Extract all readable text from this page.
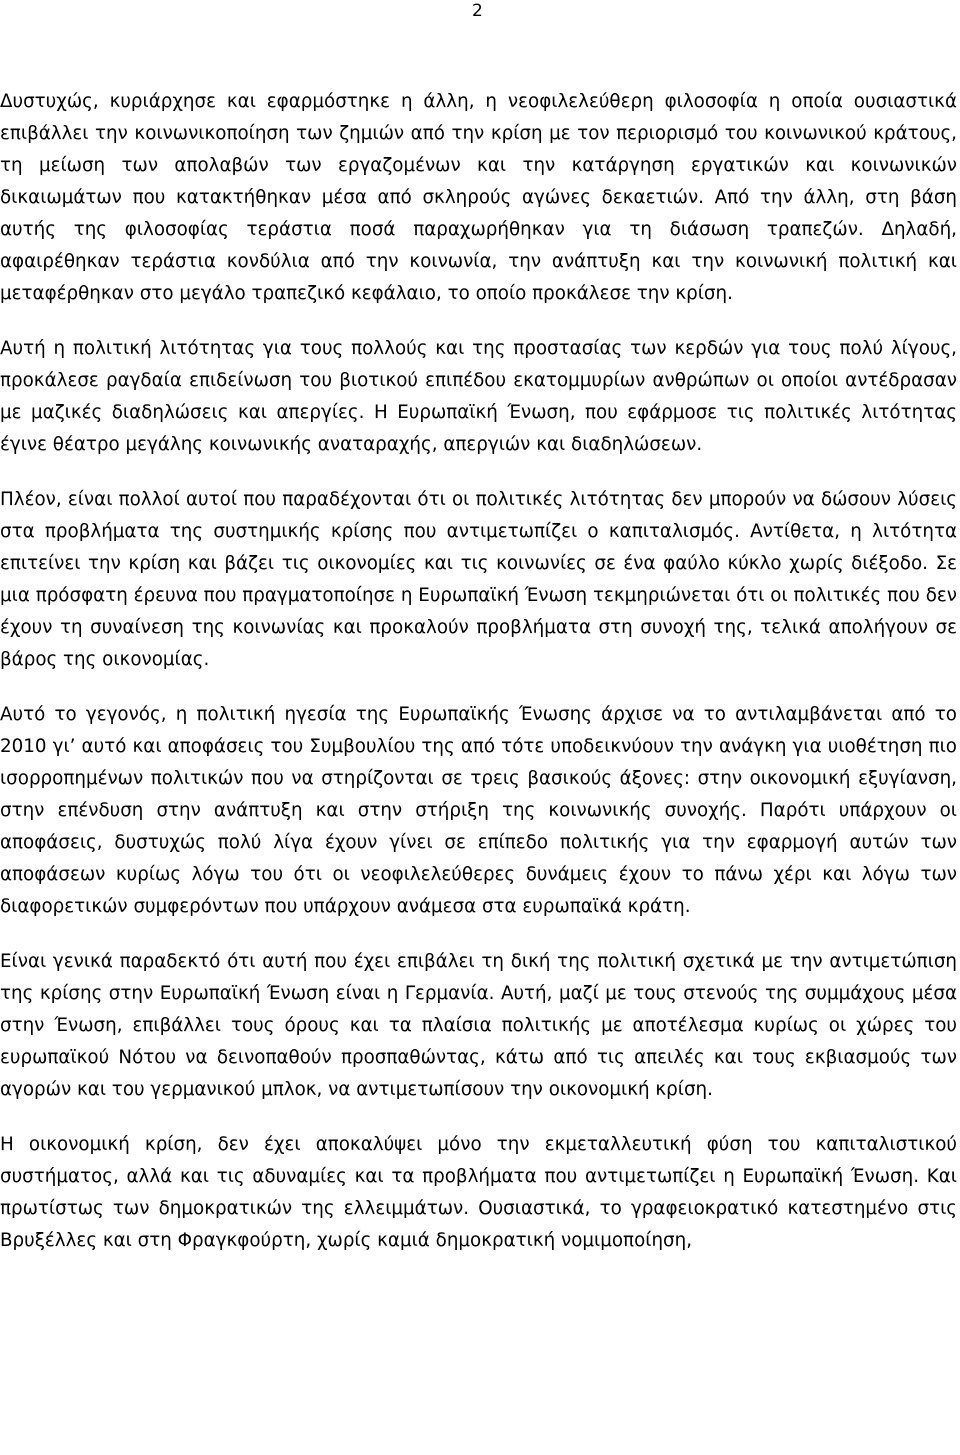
2

Δυστυχώς, κυριάρχησε και εφαρμόστηκε η άλλη, η νεοφιλελεύθερη φιλοσοφία η οποία ουσιαστικά επιβάλλει την κοινωνικοποίηση των ζημιών από την κρίση με τον περιορισμό του κοινωνικού κράτους, τη μείωση των απολαβών των εργαζομένων και την κατάργηση εργατικών και κοινωνικών δικαιωμάτων που κατακτήθηκαν μέσα από σκληρούς αγώνες δεκαετιών. Από την άλλη, στη βάση αυτής της φιλοσοφίας τεράστια ποσά παραχωρήθηκαν για τη διάσωση τραπεζών. Δηλαδή, αφαιρέθηκαν τεράστια κονδύλια από την κοινωνία, την ανάπτυξη και την κοινωνική πολιτική και μεταφέρθηκαν στο μεγάλο τραπεζικό κεφάλαιο, το οποίο προκάλεσε την κρίση.

Αυτή η πολιτική λιτότητας για τους πολλούς και της προστασίας των κερδών για τους πολύ λίγους, προκάλεσε ραγδαία επιδείνωση του βιοτικού επιπέδου εκατομμυρίων ανθρώπων οι οποίοι αντέδρασαν με μαζικές διαδηλώσεις και απεργίες. Η Ευρωπαϊκή Ένωση, που εφάρμοσε τις πολιτικές λιτότητας έγινε θέατρο μεγάλης κοινωνικής αναταραχής, απεργιών και διαδηλώσεων.

Πλέον, είναι πολλοί αυτοί που παραδέχονται ότι οι πολιτικές λιτότητας δεν μπορούν να δώσουν λύσεις στα προβλήματα της συστημικής κρίσης που αντιμετωπίζει ο καπιταλισμός. Αντίθετα, η λιτότητα επιτείνει την κρίση και βάζει τις οικονομίες και τις κοινωνίες σε ένα φαύλο κύκλο χωρίς διέξοδο. Σε μια πρόσφατη έρευνα που πραγματοποίησε η Ευρωπαϊκή Ένωση τεκμηριώνεται ότι οι πολιτικές που δεν έχουν τη συναίνεση της κοινωνίας και προκαλούν προβλήματα στη συνοχή της, τελικά απολήγουν σε βάρος της οικονομίας.

Αυτό το γεγονός, η πολιτική ηγεσία της Ευρωπαϊκής Ένωσης άρχισε να το αντιλαμβάνεται από το 2010 γι’ αυτό και αποφάσεις του Συμβουλίου της από τότε υποδεικνύουν την ανάγκη για υιοθέτηση πιο ισορροπημένων πολιτικών που να στηρίζονται σε τρεις βασικούς άξονες: στην οικονομική εξυγίανση, στην επένδυση στην ανάπτυξη και στην στήριξη της κοινωνικής συνοχής. Παρότι υπάρχουν οι αποφάσεις, δυστυχώς πολύ λίγα έχουν γίνει σε επίπεδο πολιτικής για την εφαρμογή αυτών των αποφάσεων κυρίως λόγω του ότι οι νεοφιλελεύθερες δυνάμεις έχουν το πάνω χέρι και λόγω των διαφορετικών συμφερόντων που υπάρχουν ανάμεσα στα ευρωπαϊκά κράτη.

Είναι γενικά παραδεκτό ότι αυτή που έχει επιβάλει τη δική της πολιτική σχετικά με την αντιμετώπιση της κρίσης στην Ευρωπαϊκή Ένωση είναι η Γερμανία. Αυτή, μαζί με τους στενούς της συμμάχους μέσα στην Ένωση, επιβάλλει τους όρους και τα πλαίσια πολιτικής με αποτέλεσμα κυρίως οι χώρες του ευρωπαϊκού Νότου να δεινοπαθούν προσπαθώντας, κάτω από τις απειλές και τους εκβιασμούς των αγορών και του γερμανικού μπλοκ, να αντιμετωπίσουν την οικονομική κρίση.

Η οικονομική κρίση, δεν έχει αποκαλύψει μόνο την εκμεταλλευτική φύση του καπιταλιστικού συστήματος, αλλά και τις αδυναμίες και τα προβλήματα που αντιμετωπίζει η Ευρωπαϊκή Ένωση. Και πρωτίστως των δημοκρατικών της ελλειμμάτων. Ουσιαστικά, το γραφειοκρατικό κατεστημένο στις Βρυξέλλες και στη Φραγκφούρτη, χωρίς καμιά δημοκρατική νομιμοποίηση,
